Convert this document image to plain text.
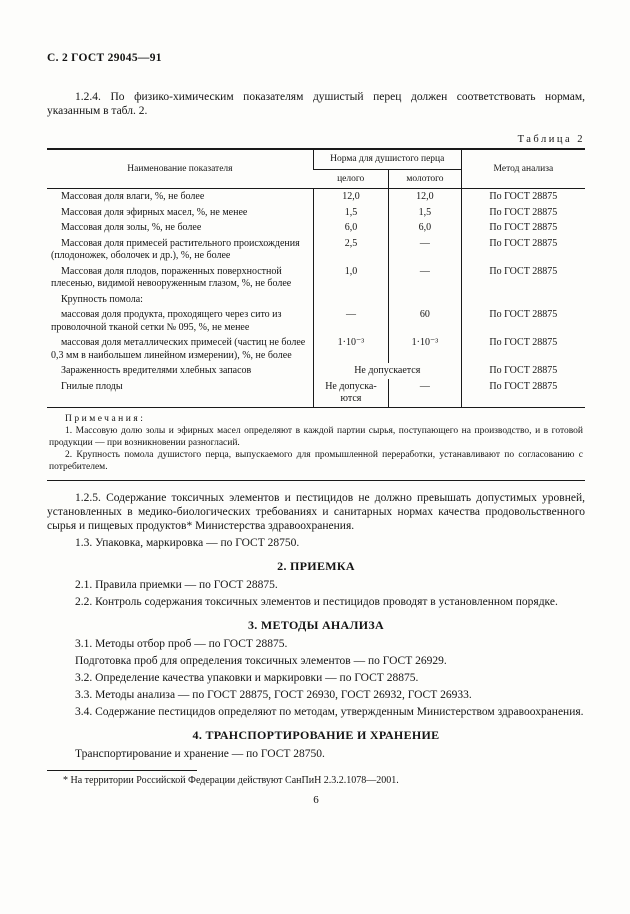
С. 2 ГОСТ 29045—91

1.2.4. По физико-химическим показателям душистый перец должен соответствовать нормам, указанным в табл. 2.

Таблица 2
Наименование показателя	Норма для душистого перца		Метод анализа
	целого	молотого	
Массовая доля влаги, %, не более	12,0	12,0	По ГОСТ 28875
Массовая доля эфирных масел, %, не менее	1,5	1,5	По ГОСТ 28875
Массовая доля золы, %, не более	6,0	6,0	По ГОСТ 28875
Массовая доля примесей растительного происхождения (плодоножек, оболочек и др.), %, не более	2,5	—	По ГОСТ 28875
Массовая доля плодов, пораженных поверхностной плесенью, видимой невооруженным глазом, %, не более	1,0	—	По ГОСТ 28875
Крупность помола:			
массовая доля продукта, проходящего через сито из проволочной тканой сетки № 095, %, не менее	—	60	По ГОСТ 28875
массовая доля металлических примесей (частиц не более 0,3 мм в наибольшем линейном измерении), %, не более	1·10⁻³	1·10⁻³	По ГОСТ 28875
Зараженность вредителями хлебных запасов	Не допускается		По ГОСТ 28875
Гнилые плоды	Не допуска-ются	—	По ГОСТ 28875
Примечания:
1. Массовую долю золы и эфирных масел определяют в каждой партии сырья, поступающего на производство, и в готовой продукции — при возникновении разногласий.
2. Крупность помола душистого перца, выпускаемого для промышленной переработки, устанавливают по согласованию с потребителем.

1.2.5. Содержание токсичных элементов и пестицидов не должно превышать допустимых уровней, установленных в медико-биологических требованиях и санитарных нормах качества продовольственного сырья и пищевых продуктов* Министерства здравоохранения.

1.3. Упаковка, маркировка — по ГОСТ 28750.

2. ПРИЕМКА

2.1. Правила приемки — по ГОСТ 28875.

2.2. Контроль содержания токсичных элементов и пестицидов проводят в установленном порядке.

3. МЕТОДЫ АНАЛИЗА

3.1. Методы отбор проб — по ГОСТ 28875.

Подготовка проб для определения токсичных элементов — по ГОСТ 26929.

3.2. Определение качества упаковки и маркировки — по ГОСТ 28875.

3.3. Методы анализа — по ГОСТ 28875, ГОСТ 26930, ГОСТ 26932, ГОСТ 26933.

3.4. Содержание пестицидов определяют по методам, утвержденным Министерством здравоохранения.

4. ТРАНСПОРТИРОВАНИЕ И ХРАНЕНИЕ

Транспортирование и хранение — по ГОСТ 28750.

* На территории Российской Федерации действуют СанПиН 2.3.2.1078—2001.
6
